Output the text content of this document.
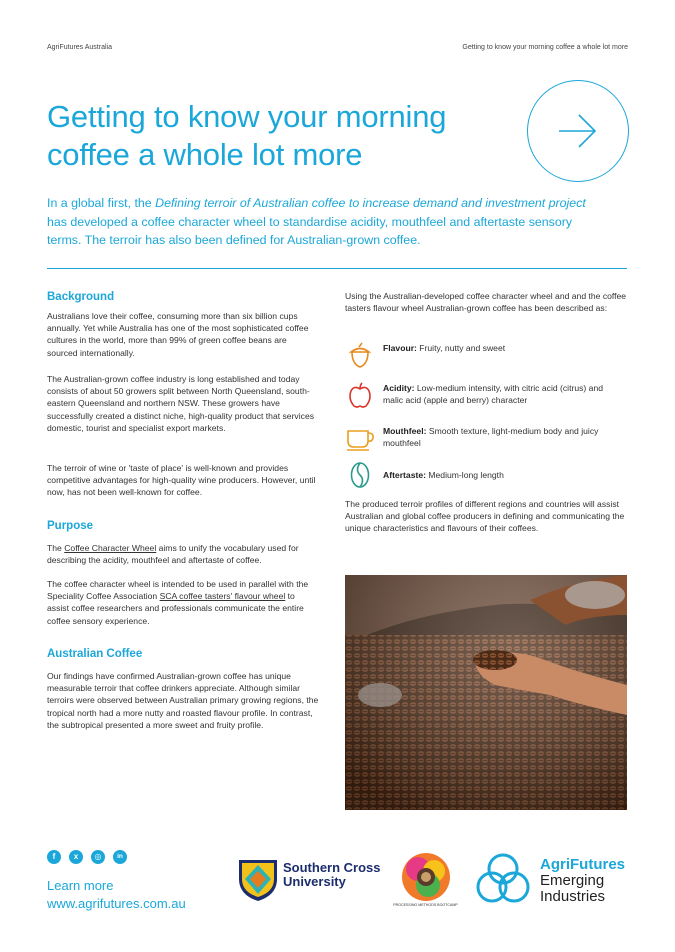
AgriFutures Australia	Getting to know your morning coffee a whole lot more
Getting to know your morning coffee a whole lot more
In a global first, the Defining terroir of Australian coffee to increase demand and investment project has developed a coffee character wheel to standardise acidity, mouthfeel and aftertaste sensory terms. The terroir has also been defined for Australian-grown coffee.
Background
Australians love their coffee, consuming more than six billion cups annually. Yet while Australia has one of the most sophisticated coffee cultures in the world, more than 99% of green coffee beans are sourced internationally.
The Australian-grown coffee industry is long established and today consists of about 50 growers split between North Queensland, south-eastern Queensland and northern NSW. These growers have successfully created a distinct niche, high-quality product that services domestic, tourist and specialist export markets.
The terroir of wine or 'taste of place' is well-known and provides competitive advantages for high-quality wine producers. However, until now, has not been well-known for coffee.
Purpose
The Coffee Character Wheel aims to unify the vocabulary used for describing the acidity, mouthfeel and aftertaste of coffee.
The coffee character wheel is intended to be used in parallel with the Speciality Coffee Association SCA coffee tasters' flavour wheel to assist coffee researchers and professionals communicate the entire coffee sensory experience.
Australian Coffee
Our findings have confirmed Australian-grown coffee has unique measurable terroir that coffee drinkers appreciate. Although similar terroirs were observed between Australian primary growing regions, the tropical north had a more nutty and roasted flavour profile. In contrast, the subtropical presented a more sweet and fruity profile.
Using the Australian-developed coffee character wheel and and the coffee tasters flavour wheel Australian-grown coffee has been described as:
Flavour: Fruity, nutty and sweet
Acidity: Low-medium intensity, with citric acid (citrus) and malic acid (apple and berry) character
Mouthfeel: Smooth texture, light-medium body and juicy mouthfeel
Aftertaste: Medium-long length
The produced terroir profiles of different regions and countries will assist Australian and global coffee producers in defining and communicating the unique characteristics and flavours of their coffees.
f	x	◎	in
Learn more
www.agrifutures.com.au
Southern Cross University
PROCESSING METHODS BOOTCAMP
AgriFutures
Emerging
Industries
